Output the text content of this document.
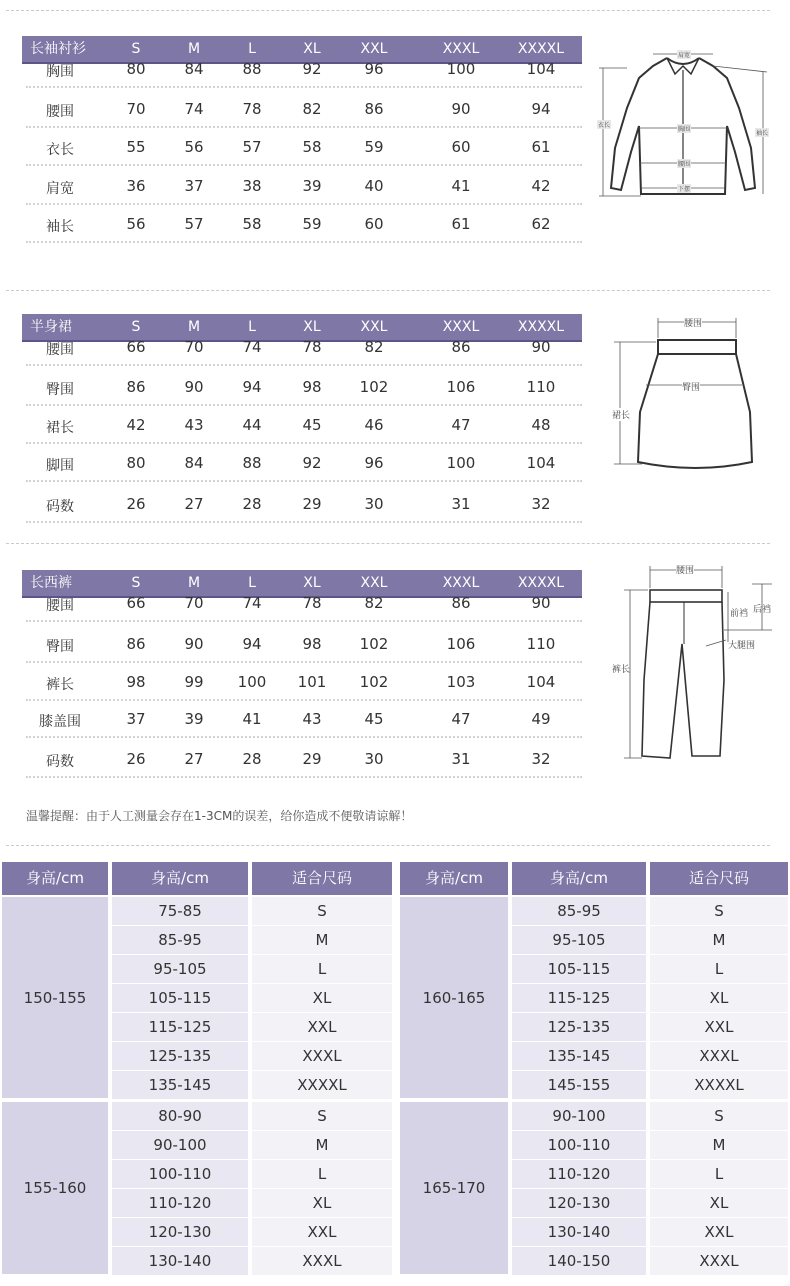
长袖衬衫	S	M	L	XL	XXL	XXXL	XXXXL
胸围	80	84	88	92	96	100	104
腰围	70	74	78	82	86	90	94
衣长	55	56	57	58	59	60	61
肩宽	36	37	38	39	40	41	42
袖长	56	57	58	59	60	61	62
半身裙	S	M	L	XL	XXL	XXXL	XXXXL
腰围	66	70	74	78	82	86	90
臀围	86	90	94	98	102	106	110
裙长	42	43	44	45	46	47	48
脚围	80	84	88	92	96	100	104
码数	26	27	28	29	30	31	32
长西裤	S	M	L	XL	XXL	XXXL	XXXXL
腰围	66	70	74	78	82	86	90
臀围	86	90	94	98	102	106	110
裤长	98	99	100	101	102	103	104
膝盖围	37	39	41	43	45	47	49
码数	26	27	28	29	30	31	32
肩宽
胸围
腰围
下摆
衣长
袖长
腰围
臀围
裙长
腰围
前裆 后裆
大腿围
裤长
温馨提醒：由于人工测量会存在1-3CM的误差，给你造成不便敬请谅解！
身高/cm	身高/cm	适合尺码
150-155
75-85	S
85-95	M
95-105	L
105-115	XL
115-125	XXL
125-135	XXXL
135-145	XXXXL
155-160
80-90	S
90-100	M
100-110	L
110-120	XL
120-130	XXL
130-140	XXXL
身高/cm	身高/cm	适合尺码
160-165
85-95	S
95-105	M
105-115	L
115-125	XL
125-135	XXL
135-145	XXXL
145-155	XXXXL
165-170
90-100	S
100-110	M
110-120	L
120-130	XL
130-140	XXL
140-150	XXXL
